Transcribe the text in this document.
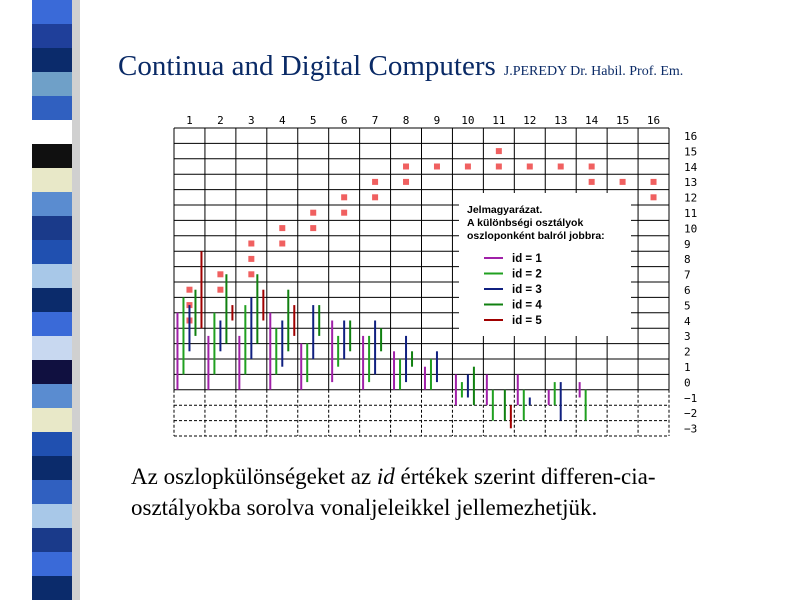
Continua and Digital Computers J.PEREDY Dr. Habil. Prof. Em.
1 2 3 4 5 6 7 8 9 10 11 12 13 14 15 16
16
15
14
13
12
11
10
9
8
7
6
5
4
3
2
1
0
−1
−2
−3
Jelmagyarázat.
A különbségi osztályok
oszloponként balról jobbra:
id = 1
id = 2
id = 3
id = 4
id = 5
Az oszlopkülönségeket az id értékek szerint differen-cia-osztályokba sorolva vonaljeleikkel jellemezhetjük.
